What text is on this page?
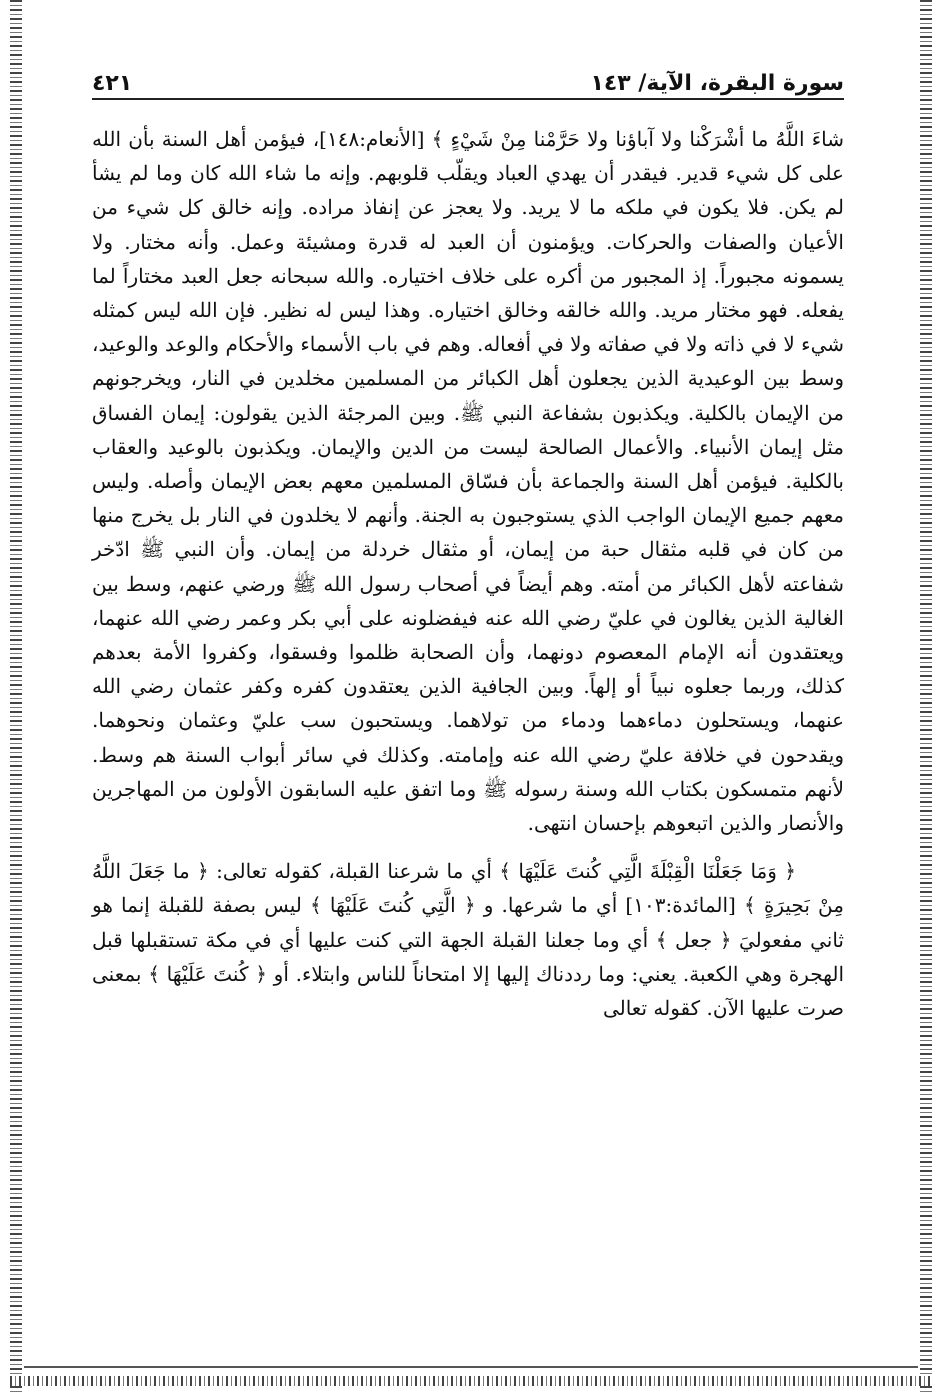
سورة البقرة، الآية/ ١٤٣
٤٢١

شاءَ اللَّهُ ما أشْرَكْنا ولا آباؤنا ولا حَرَّمْنا مِنْ شَيْءٍ ﴾ [الأنعام:١٤٨]، فيؤمن أهل السنة بأن الله على كل شيء قدير. فيقدر أن يهدي العباد ويقلّب قلوبهم. وإنه ما شاء الله كان وما لم يشأ لم يكن. فلا يكون في ملكه ما لا يريد. ولا يعجز عن إنفاذ مراده. وإنه خالق كل شيء من الأعيان والصفات والحركات. ويؤمنون أن العبد له قدرة ومشيئة وعمل. وأنه مختار. ولا يسمونه مجبوراً. إذ المجبور من أكره على خلاف اختياره. والله سبحانه جعل العبد مختاراً لما يفعله. فهو مختار مريد. والله خالقه وخالق اختياره. وهذا ليس له نظير. فإن الله ليس كمثله شيء لا في ذاته ولا في صفاته ولا في أفعاله. وهم في باب الأسماء والأحكام والوعد والوعيد، وسط بين الوعيدية الذين يجعلون أهل الكبائر من المسلمين مخلدين في النار، ويخرجونهم من الإيمان بالكلية. ويكذبون بشفاعة النبي ﷺ. وبين المرجئة الذين يقولون: إيمان الفساق مثل إيمان الأنبياء. والأعمال الصالحة ليست من الدين والإيمان. ويكذبون بالوعيد والعقاب بالكلية. فيؤمن أهل السنة والجماعة بأن فسّاق المسلمين معهم بعض الإيمان وأصله. وليس معهم جميع الإيمان الواجب الذي يستوجبون به الجنة. وأنهم لا يخلدون في النار بل يخرج منها من كان في قلبه مثقال حبة من إيمان، أو مثقال خردلة من إيمان. وأن النبي ﷺ ادّخر شفاعته لأهل الكبائر من أمته. وهم أيضاً في أصحاب رسول الله ﷺ ورضي عنهم، وسط بين الغالية الذين يغالون في عليّ رضي الله عنه فيفضلونه على أبي بكر وعمر رضي الله عنهما، ويعتقدون أنه الإمام المعصوم دونهما، وأن الصحابة ظلموا وفسقوا، وكفروا الأمة بعدهم كذلك، وربما جعلوه نبياً أو إلهاً. وبين الجافية الذين يعتقدون كفره وكفر عثمان رضي الله عنهما، ويستحلون دماءهما ودماء من تولاهما. ويستحبون سب عليّ وعثمان ونحوهما. ويقدحون في خلافة عليّ رضي الله عنه وإمامته. وكذلك في سائر أبواب السنة هم وسط. لأنهم متمسكون بكتاب الله وسنة رسوله ﷺ وما اتفق عليه السابقون الأولون من المهاجرين والأنصار والذين اتبعوهم بإحسان انتهى.

﴿ وَمَا جَعَلْنَا الْقِبْلَةَ الَّتِي كُنتَ عَلَيْهَا ﴾ أي ما شرعنا القبلة، كقوله تعالى: ﴿ ما جَعَلَ اللَّهُ مِنْ بَحِيرَةٍ ﴾ [المائدة:١٠٣] أي ما شرعها. و ﴿ الَّتِي كُنتَ عَلَيْهَا ﴾ ليس بصفة للقبلة إنما هو ثاني مفعوليَ ﴿ جعل ﴾ أي وما جعلنا القبلة الجهة التي كنت عليها أي في مكة تستقبلها قبل الهجرة وهي الكعبة. يعني: وما رددناك إليها إلا امتحاناً للناس وابتلاء. أو ﴿ كُنتَ عَلَيْهَا ﴾ بمعنى صرت عليها الآن. كقوله تعالى
